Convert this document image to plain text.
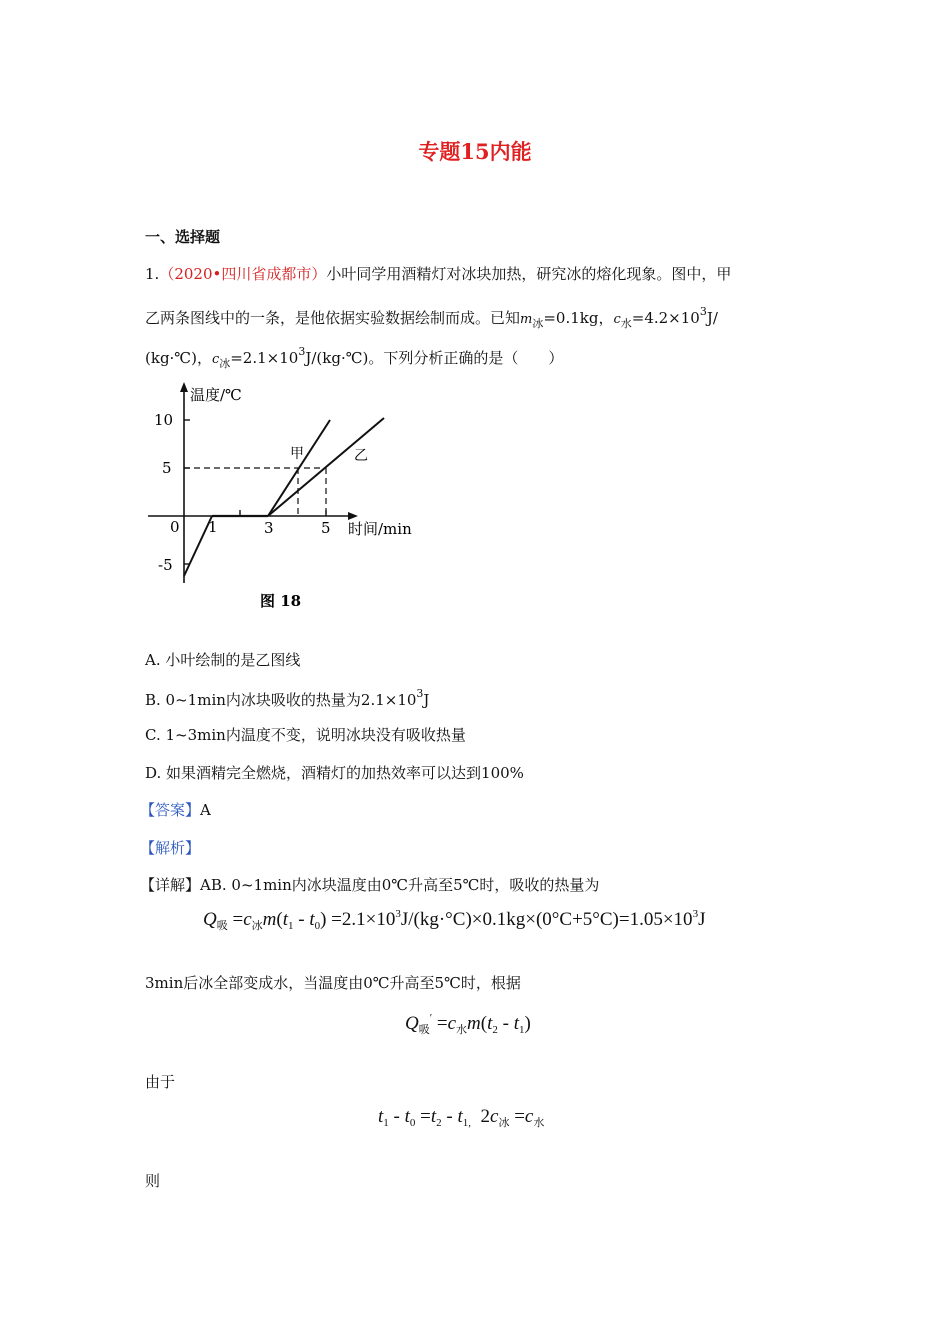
专题15内能
一、选择题
1.（2020•四川省成都市）小叶同学用酒精灯对冰块加热，研究冰的熔化现象。图中，甲
乙两条图线中的一条，是他依据实验数据绘制而成。已知$m_冰=0.1kg$，$c_水=4.2\times 10^3J/$
(kg·℃)，$c_冰=2.1\times 10^3J/(kg\cdot℃)$。下列分析正确的是（　　）
温度/℃
时间/min
10
5
-5
0 1	3	5
甲	乙
图 18
A. 小叶绘制的是乙图线
B. 0~1min内冰块吸收的热量为$2.1\times 10^3J$
C. 1~3min内温度不变，说明冰块没有吸收热量
D. 如果酒精完全燃烧，酒精灯的加热效率可以达到100%
【答案】A
【解析】
【详解】AB. 0~1min内冰块温度由0℃升高至5℃时，吸收的热量为
$Q_吸 =c_冰m(t_1 - t_0) =2.1\times 10^3J/(kg\cdot^\circ C)\times 0.1kg\times(0^\circ C+5^\circ C)=1.05\times 10^3J$
3min后冰全部变成水，当温度由0℃升高至5℃时，根据
$Q_吸' =c_水m(t_2 - t_1)$
由于
$t_1 - t_0 =t_2 - t_{1,}$ $2c_冰 =c_水$
则
